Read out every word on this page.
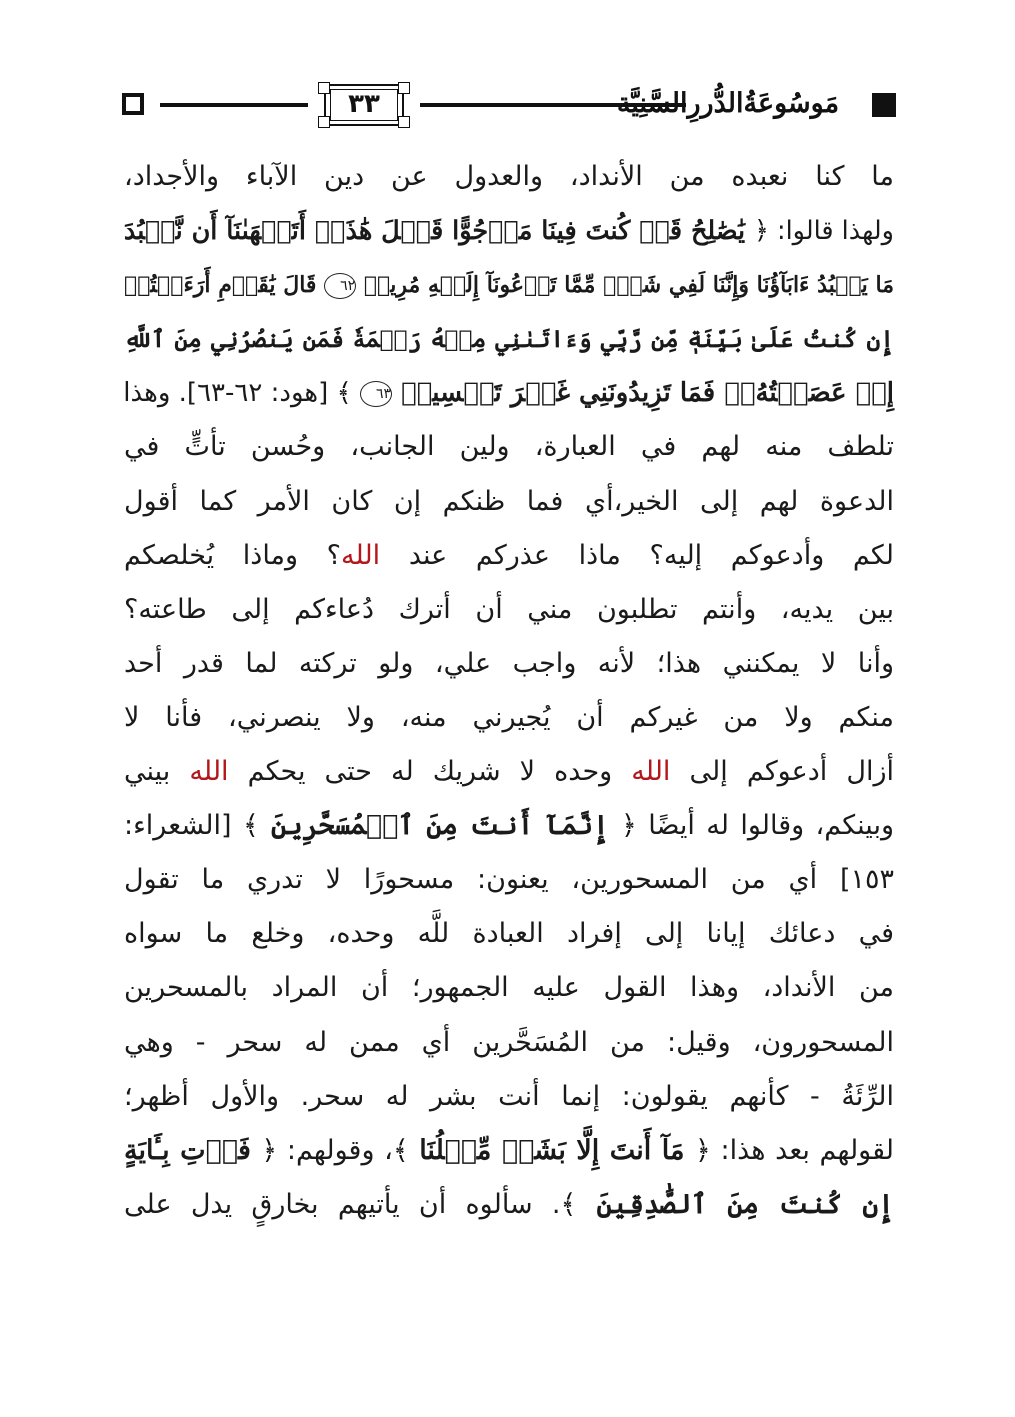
٣٣	مَوسُوعَةُالدُّررِالسَّنِيَّة
ما كنا نعبده من الأنداد، والعدول عن دين الآباء والأجداد،
ولهذا قالوا: ﴿ يَٰصَٰلِحُ قَدۡ كُنتَ فِينَا مَرۡجُوًّا قَبۡلَ هَٰذَآۖ أَتَنۡهَىٰنَآ أَن نَّعۡبُدَ
مَا يَعۡبُدُ ءَابَآؤُنَا وَإِنَّنَا لَفِي شَكّٖ مِّمَّا تَدۡعُونَآ إِلَيۡهِ مُرِيبٖ ٦٢ قَالَ يَٰقَوۡمِ أَرَءَيۡتُمۡ
إِن كُنتُ عَلَىٰ بَيِّنَةٖ مِّن رَّبِّي وَءَاتَىٰنِي مِنۡهُ رَحۡمَةٗ فَمَن يَنصُرُنِي مِنَ ٱللَّهِ
إِنۡ عَصَيۡتُهُۥۖ فَمَا تَزِيدُونَنِي غَيۡرَ تَخۡسِيرٖ ٦٣ ﴾ [هود: ٦٢-٦٣]. وهذا
تلطف منه لهم في العبارة، ولين الجانب، وحُسن تأتٍّ في
الدعوة لهم إلى الخير،أي فما ظنكم إن كان الأمر كما أقول
لكم وأدعوكم إليه؟ ماذا عذركم عند الله؟ وماذا يُخلصكم
بين يديه، وأنتم تطلبون مني أن أترك دُعاءكم إلى طاعته؟
وأنا لا يمكنني هذا؛ لأنه واجب علي، ولو تركته لما قدر أحد
منكم ولا من غيركم أن يُجيرني منه، ولا ينصرني، فأنا لا
أزال أدعوكم إلى الله وحده لا شريك له حتى يحكم الله بيني
وبينكم، وقالوا له أيضًا ﴿ إِنَّمَآ أَنتَ مِنَ ٱلۡمُسَحَّرِينَ ﴾ [الشعراء:
١٥٣] أي من المسحورين، يعنون: مسحورًا لا تدري ما تقول
في دعائك إيانا إلى إفراد العبادة للَّه وحده، وخلع ما سواه
من الأنداد، وهذا القول عليه الجمهور؛ أن المراد بالمسحرين
المسحورون، وقيل: من المُسَحَّرين أي ممن له سحر - وهي
الرِّئَةُ - كأنهم يقولون: إنما أنت بشر له سحر. والأول أظهر؛
لقولهم بعد هذا: ﴿ مَآ أَنتَ إِلَّا بَشَرٞ مِّثۡلُنَا ﴾، وقولهم: ﴿ فَأۡتِ بِـَٔايَةٍ
إِن كُنتَ مِنَ ٱلصَّٰدِقِينَ ﴾. سألوه أن يأتيهم بخارقٍ يدل على
